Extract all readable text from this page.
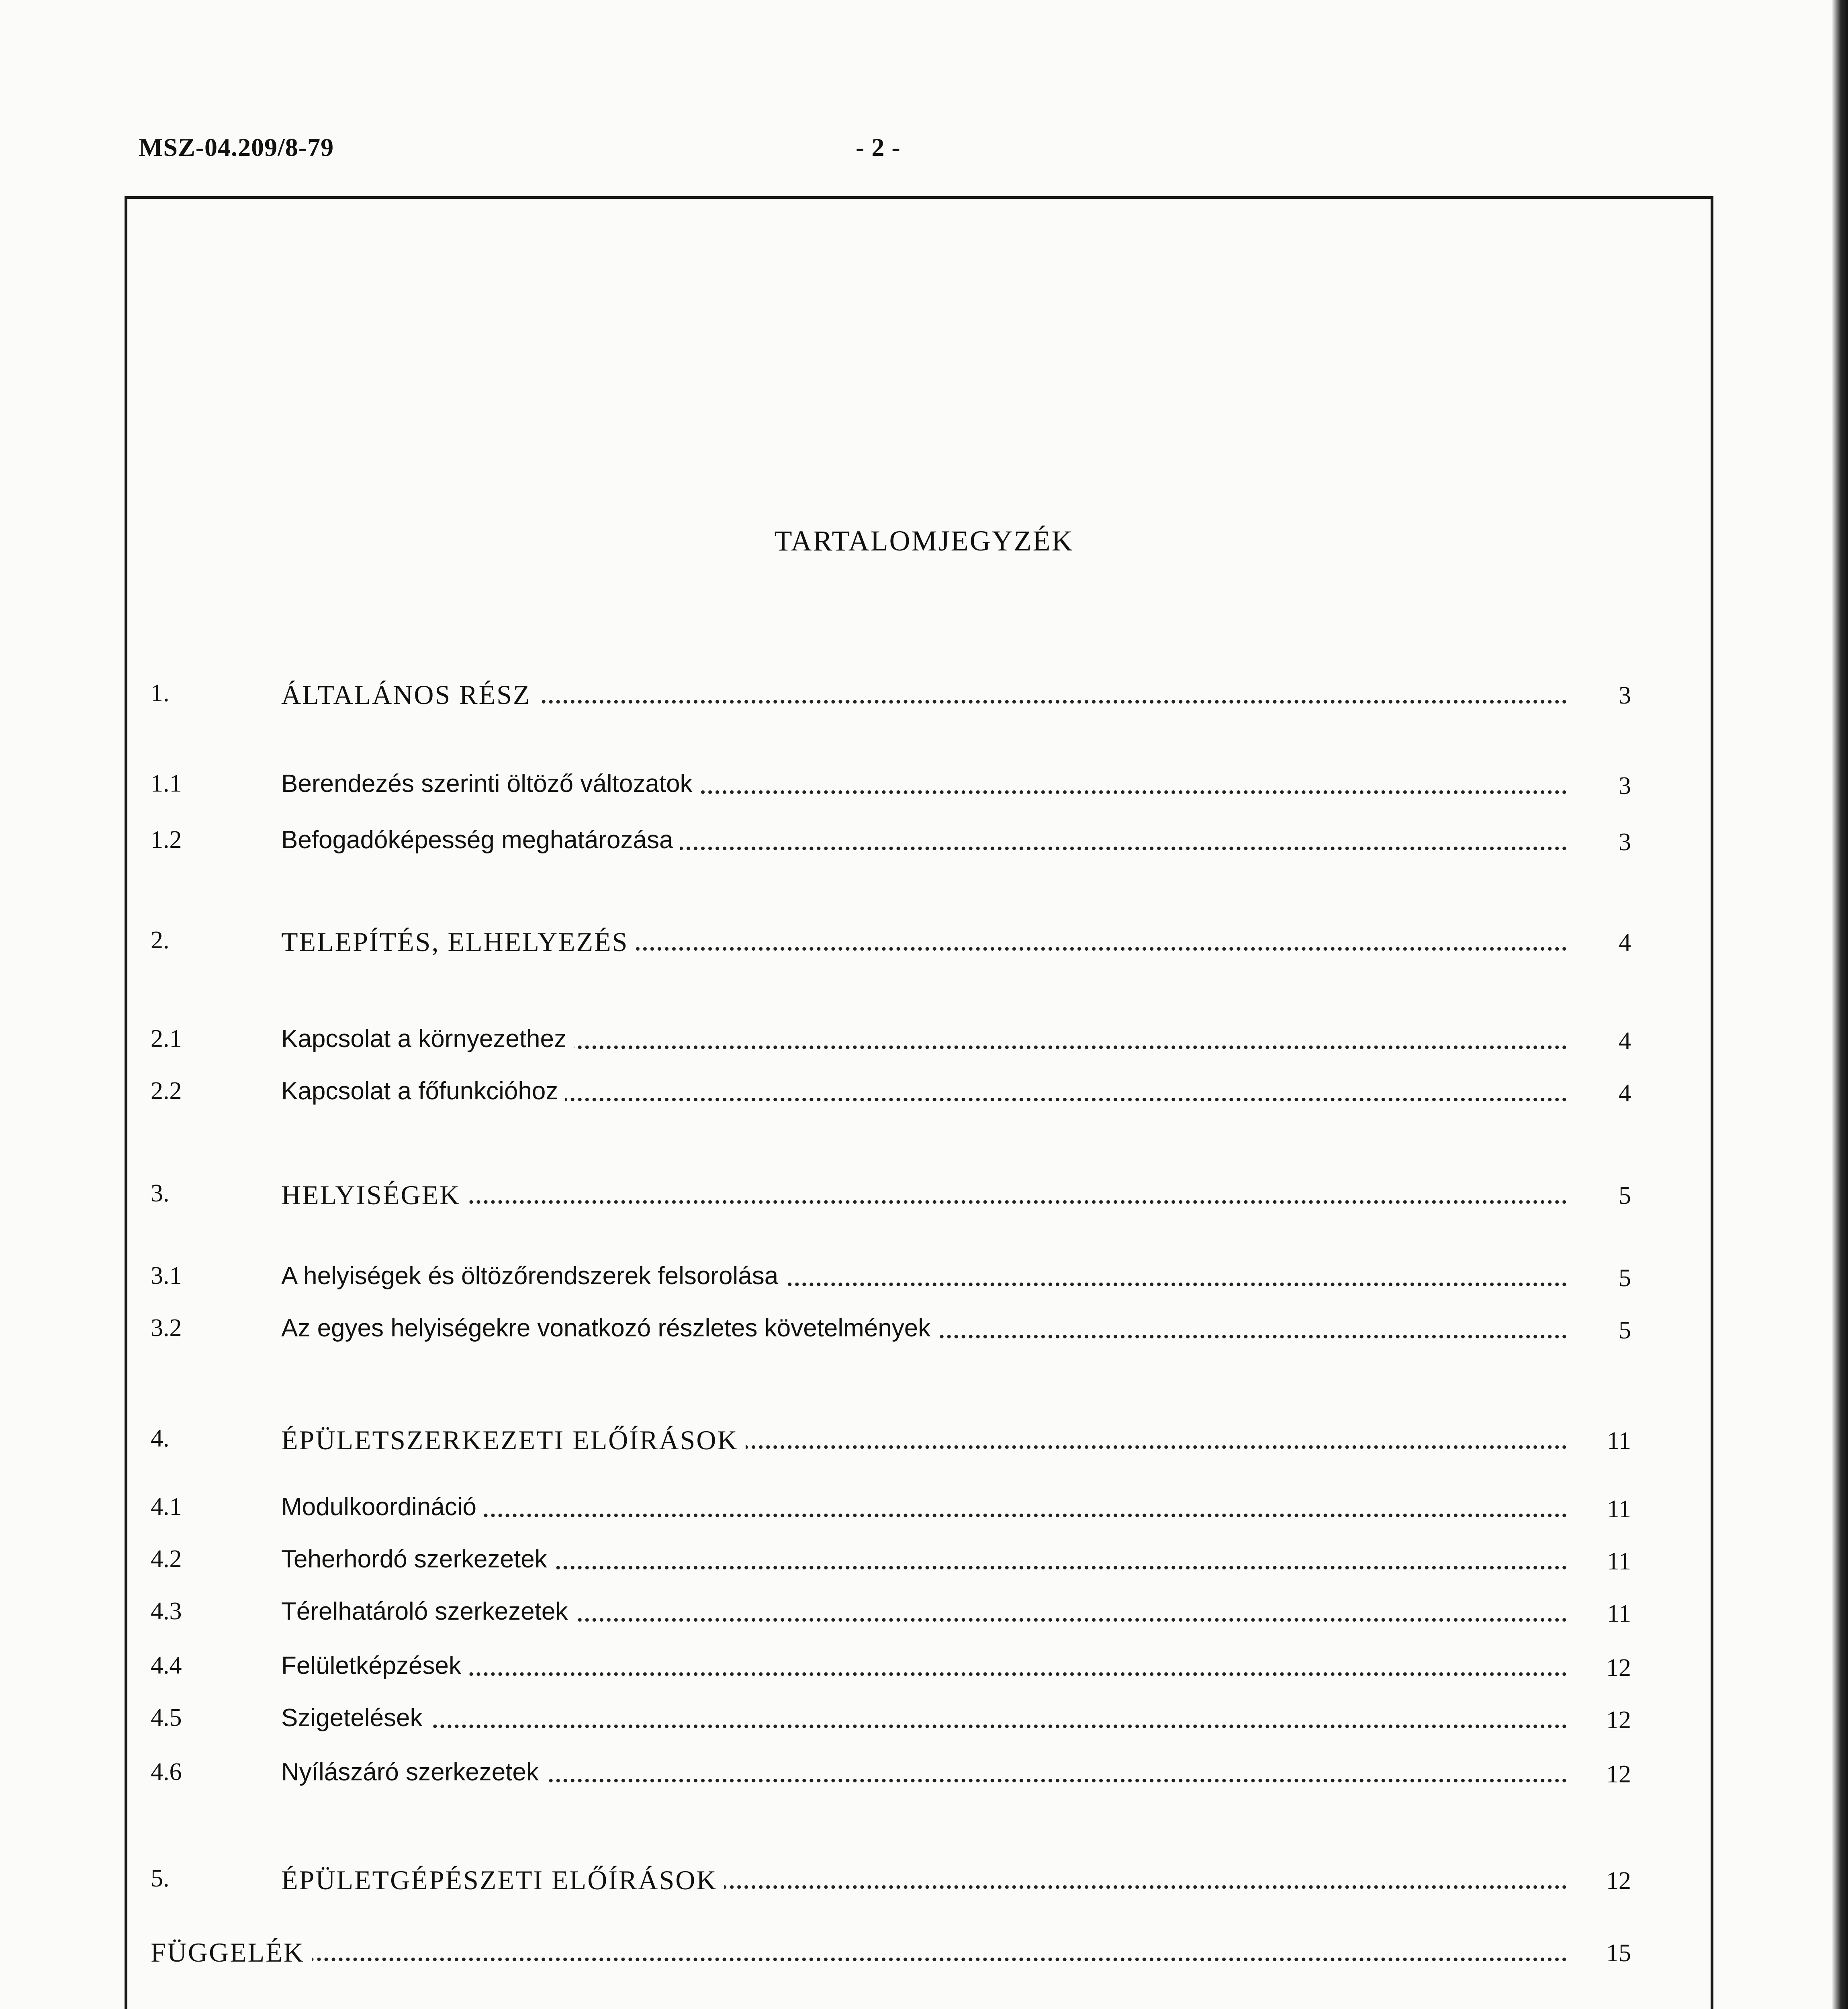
MSZ-04.209/8-79	- 2 -
TARTALOMJEGYZÉK
1.	ÁLTALÁNOS RÉSZ	3
1.1	Berendezés szerinti öltöző változatok	3
1.2	Befogadóképesség meghatározása	3
2.	TELEPÍTÉS, ELHELYEZÉS	4
2.1	Kapcsolat a környezethez	4
2.2	Kapcsolat a főfunkcióhoz	4
3.	HELYISÉGEK	5
3.1	A helyiségek és öltözőrendszerek felsorolása	5
3.2	Az egyes helyiségekre vonatkozó részletes követelmények	5
4.	ÉPÜLETSZERKEZETI ELŐÍRÁSOK	11
4.1	Modulkoordináció	11
4.2	Teherhordó szerkezetek	11
4.3	Térelhatároló szerkezetek	11
4.4	Felületképzések	12
4.5	Szigetelések	12
4.6	Nyílászáró szerkezetek	12
5.	ÉPÜLETGÉPÉSZETI ELŐÍRÁSOK	12
FÜGGELÉK	15
